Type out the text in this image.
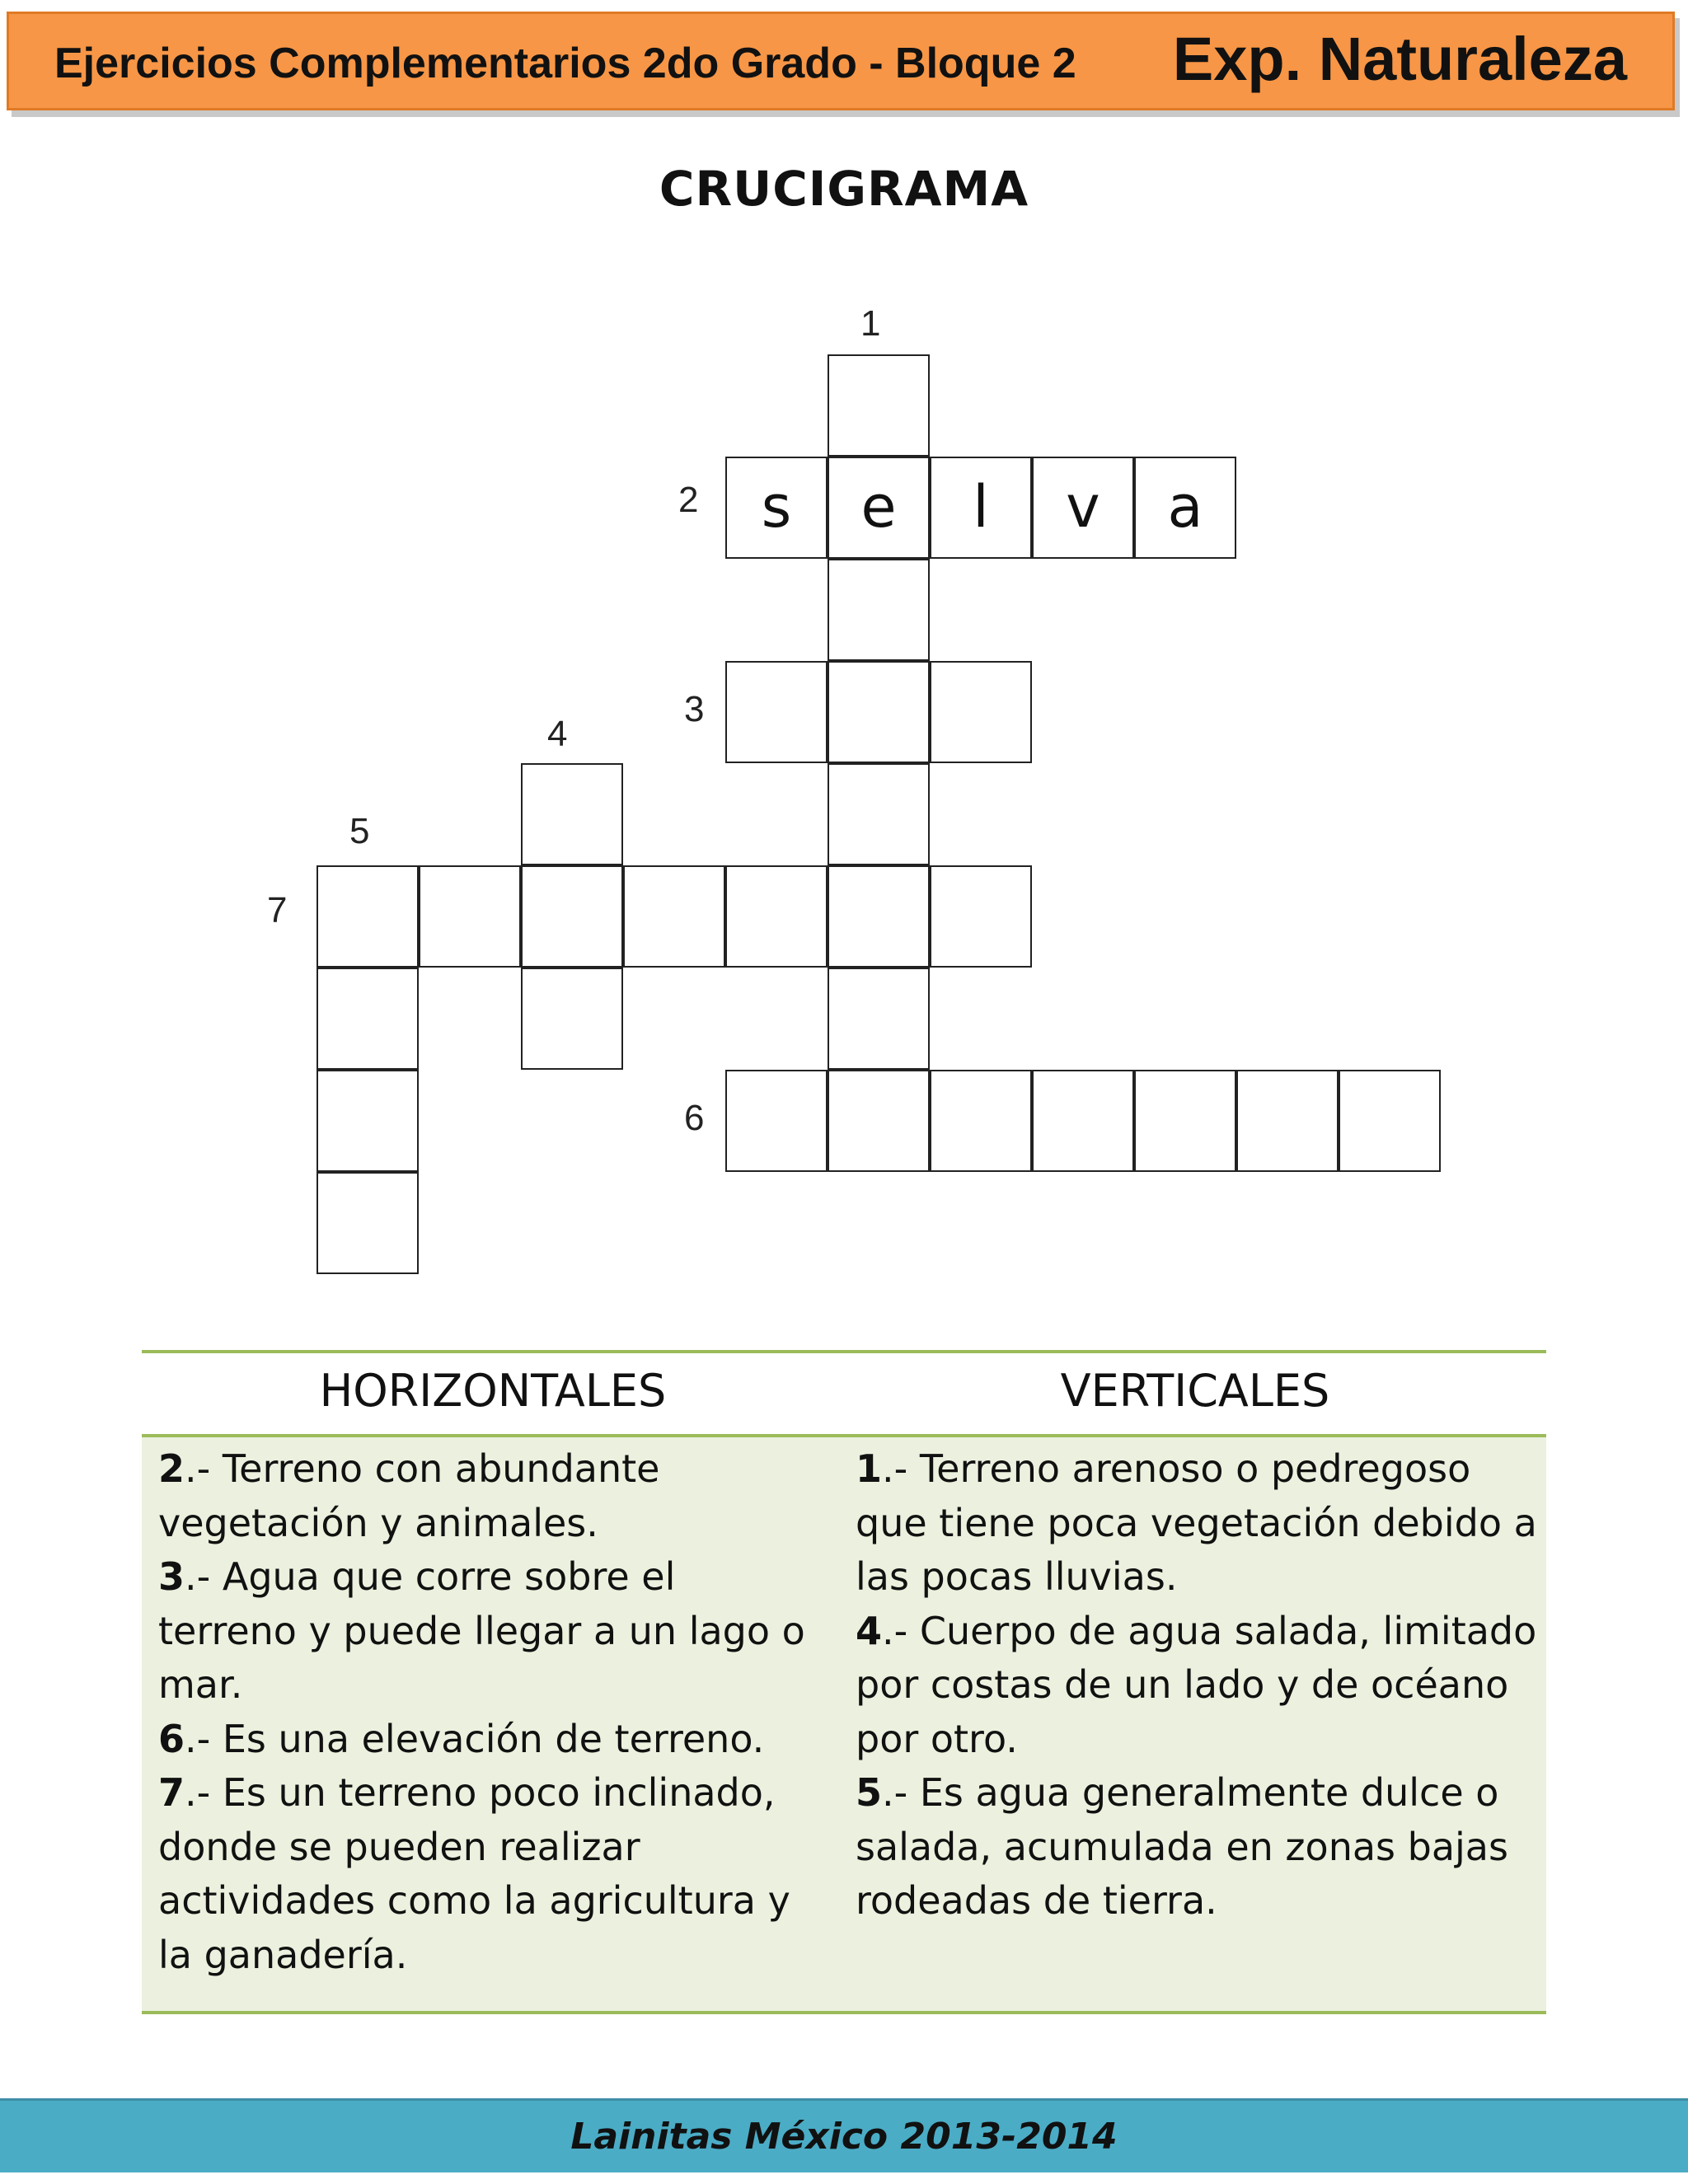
Ejercicios Complementarios 2do Grado - Bloque 2 Exp. Naturaleza
CRUCIGRAMA
s	e	l	v	a
1
2
3
4
5
6
7
HORIZONTALES	VERTICALES

2.- Terreno con abundante vegetación y animales.

3.- Agua que corre sobre el terreno y puede llegar a un lago o mar.

6.- Es una elevación de terreno.

7.- Es un terreno poco inclinado, donde se pueden realizar actividades como la agricultura y la ganadería.

1.- Terreno arenoso o pedregoso que tiene poca vegetación debido a las pocas lluvias.

4.- Cuerpo de agua salada, limitado por costas de un lado y de océano por otro.

5.- Es agua generalmente dulce o salada, acumulada en zonas bajas rodeadas de tierra.

Lainitas México 2013-2014
